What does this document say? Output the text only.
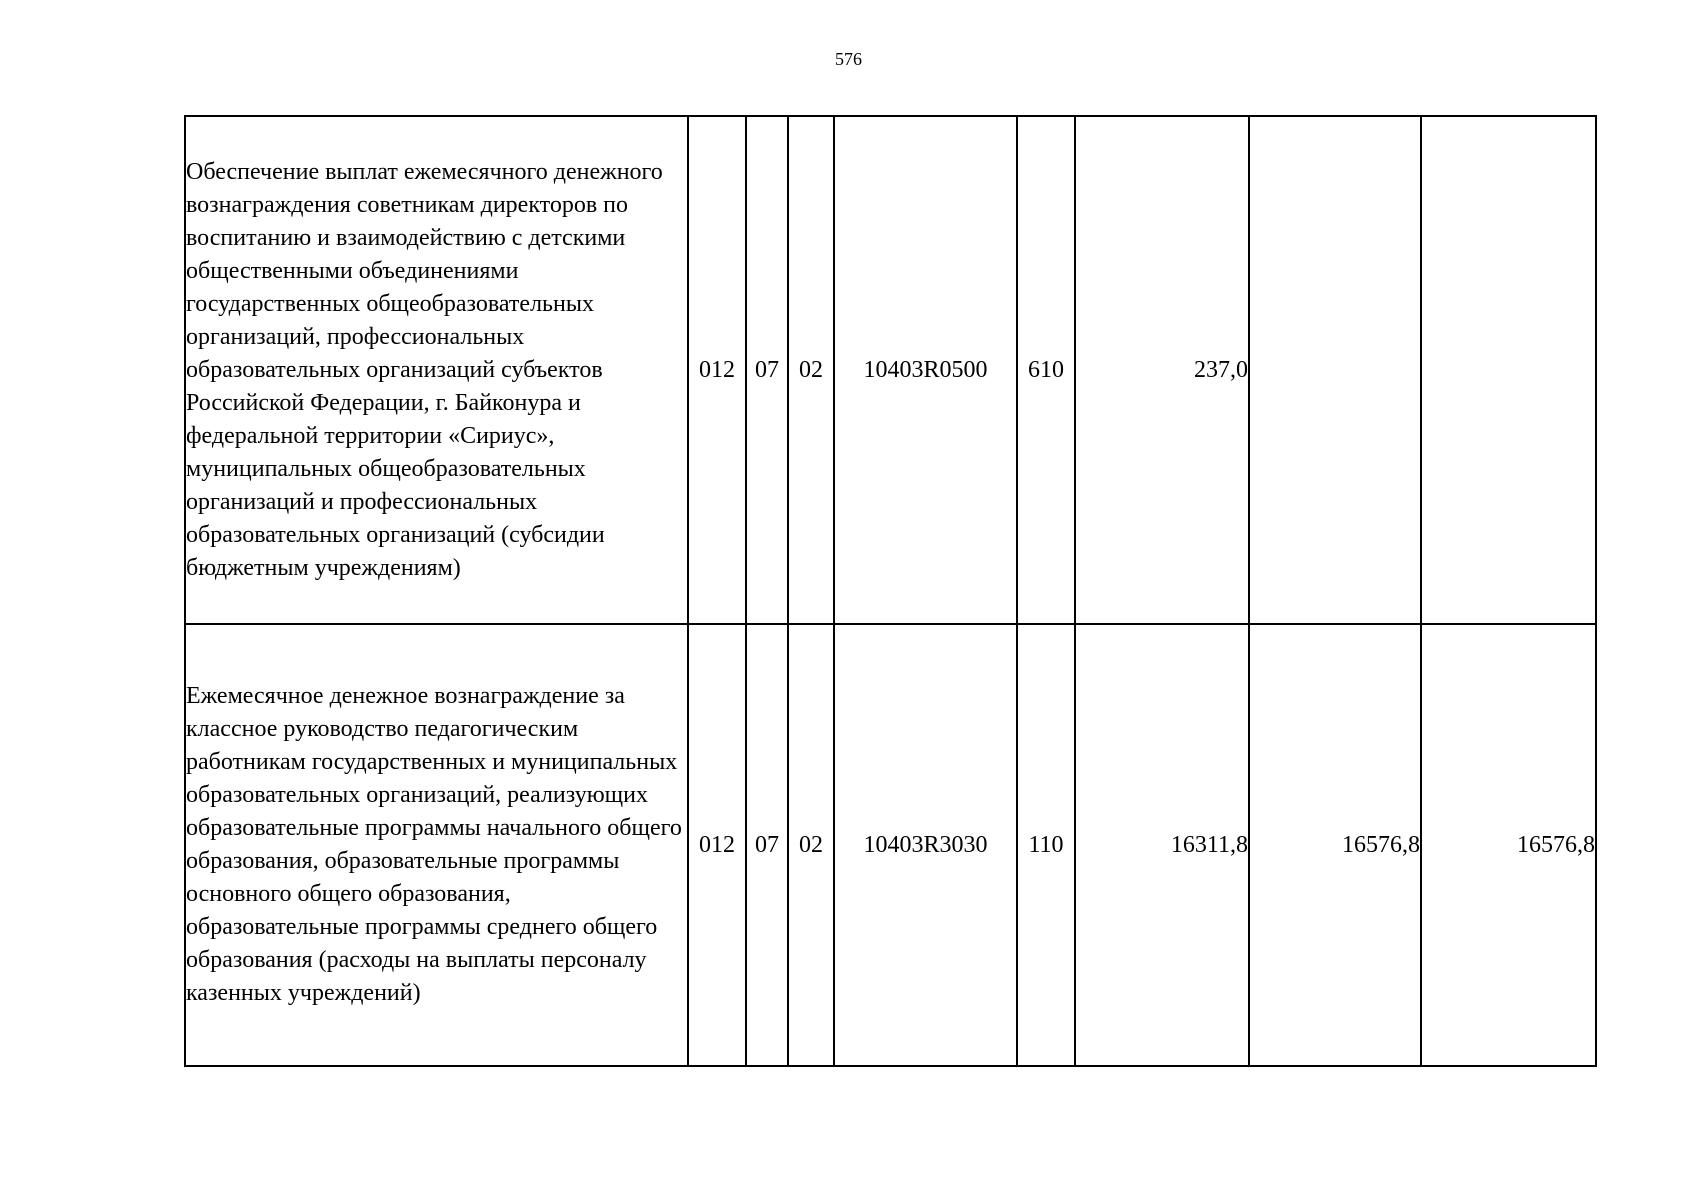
576
Обеспечение выплат ежемесячного денежного вознаграждения советникам директоров по воспитанию и взаимодействию с детскими общественными объединениями государственных общеобразовательных организаций, профессиональных образовательных организаций субъектов Российской Федерации, г. Байконура и федеральной территории «Сириус», муниципальных общеобразовательных организаций и профессиональных образовательных организаций (субсидии бюджетным учреждениям)	012	07	02	10403R0500	610	237,0		
Ежемесячное денежное вознаграждение за классное руководство педагогическим работникам государственных и муниципальных образовательных организаций, реализующих образовательные программы начального общего образования, образовательные программы основного общего образования, образовательные программы среднего общего образования (расходы на выплаты персоналу казенных учреждений)	012	07	02	10403R3030	110	16311,8	16576,8	16576,8
